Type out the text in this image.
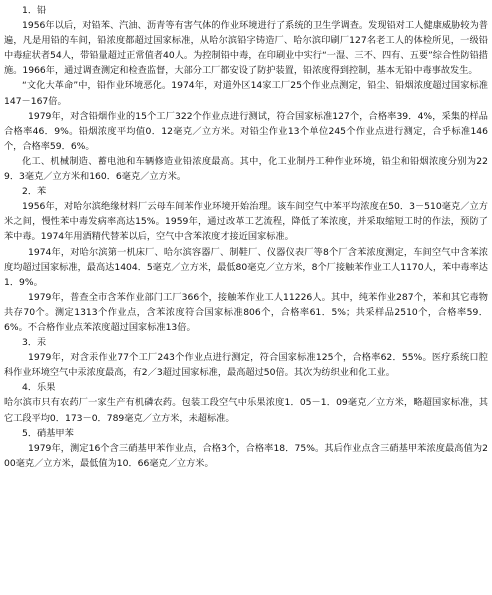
1．铅

1956年以后，对铅苯、汽油、沥青等有害气体的作业环境进行了系统的卫生学调查。发现铅对工人健康威胁较为普遍，凡是用铅的车间，铅浓度都超过国家标准，从哈尔滨铅字铸造厂、哈尔滨印刷厂127名老工人的体检所见，一级铅中毒症状者54人，带铅量超过正常值者40人。为控制铅中毒，在印刷业中实行“一湿、三不、四有、五要”综合性防铅措施。1966年，通过调查测定和检查监督，大部分工厂都安设了防护装置，铅浓度得到控制，基本无铅中毒事故发生。

“文化大革命”中，铅作业环境恶化。1974年，对道外区14家工厂25个作业点测定，铅尘、铅烟浓度超过国家标准147－167倍。

1979年，对含铅烟作业的15个工厂322个作业点进行测试，符合国家标准127个，合格率39．4%，采集的样品合格率46．9%。铅烟浓度平均值0．12毫克／立方米。对铅尘作业13个单位245个作业点进行测定，合乎标准146个，合格率59．6%。

化工、机械制造、蓄电池和车辆修造业铅浓度最高。其中，化工业制丹工种作业环境，铅尘和铅烟浓度分别为229．3毫克／立方米和160．6毫克／立方米。

2．苯

1956年，对哈尔滨绝缘材料厂云母车间苯作业环境开始治理。该车间空气中苯平均浓度在50．3－510毫克／立方米之间，慢性苯中毒发病率高达15%。1959年，通过改革工艺流程，降低了苯浓度，并采取缩短工时的作法，预防了苯中毒。1974年用酒精代替苯以后，空气中含苯浓度才接近国家标准。

1974年，对哈尔滨第一机床厂、哈尔滨容器厂、制鞋厂、仪器仪表厂等8个厂含苯浓度测定，车间空气中含苯浓度均超过国家标准，最高达1404．5毫克／立方米，最低80毫克／立方米，8个厂接触苯作业工人1170人，苯中毒率达1．9%。

1979年，普查全市含苯作业部门工厂366个，接触苯作业工人11226人。其中，纯苯作业287个，苯和其它毒物共存70个。测定1313个作业点，含苯浓度符合国家标准806个，合格率61．5%；共采样品2510个，合格率59．6%。不合格作业点苯浓度超过国家标准13倍。

3．汞

1979年，对含汞作业77个工厂243个作业点进行测定，符合国家标准125个，合格率62．55%。医疗系统口腔科作业环境空气中汞浓度最高，有2／3超过国家标准，最高超过50倍。其次为纺织业和化工业。

4．乐果

哈尔滨市只有农药厂一家生产有机磷农药。包装工段空气中乐果浓度1．05－1．09毫克／立方米，略超国家标准，其它工段平均0．173－0．789毫克／立方米，未超标准。

5．硝基甲苯

1979年，测定16个含三硝基甲苯作业点，合格3个，合格率18．75%。其后作业点含三硝基甲苯浓度最高值为200毫克／立方米，最低值为10．66毫克／立方米。
